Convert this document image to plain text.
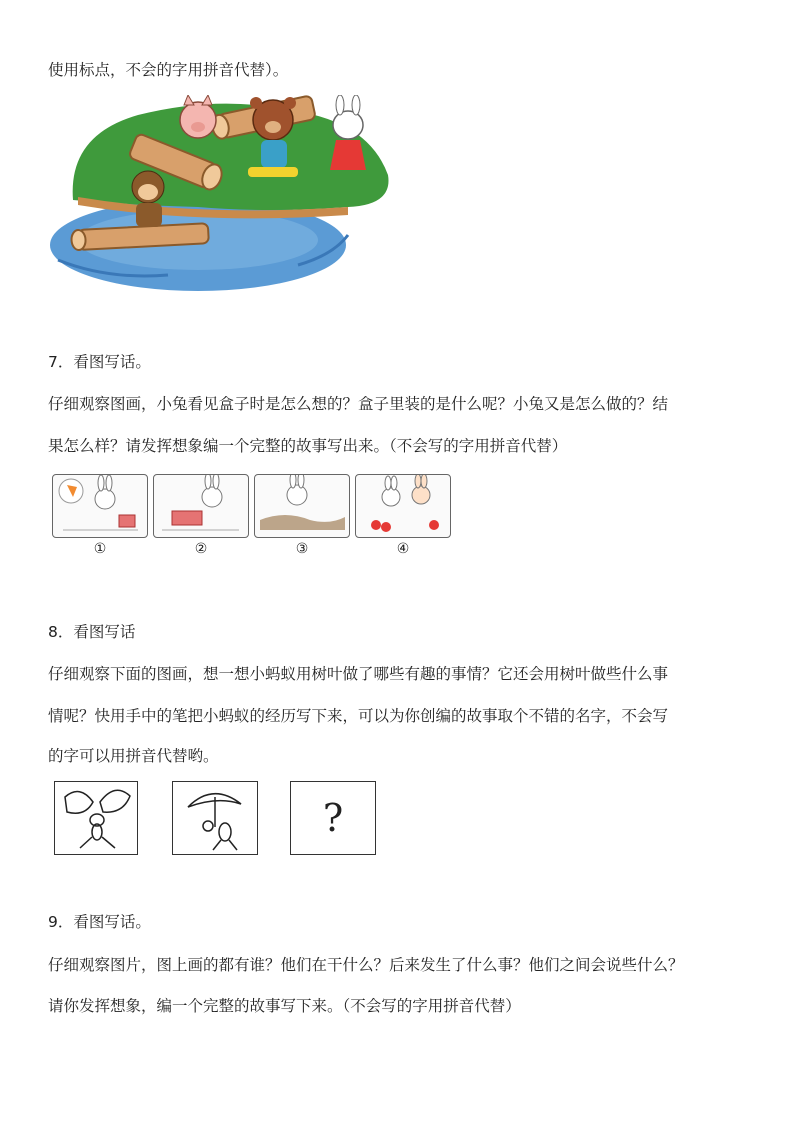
使用标点，不会的字用拼音代替）。
7．看图写话。
仔细观察图画，小兔看见盒子时是怎么想的？盒子里装的是什么呢？小兔又是怎么做的？结
果怎么样？请发挥想象编一个完整的故事写出来。（不会写的字用拼音代替）
①	②	③	④
8．看图写话
仔细观察下面的图画，想一想小蚂蚁用树叶做了哪些有趣的事情？它还会用树叶做些什么事
情呢？快用手中的笔把小蚂蚁的经历写下来，可以为你创编的故事取个不错的名字，不会写
的字可以用拼音代替哟。
?
9．看图写话。
仔细观察图片，图上画的都有谁？他们在干什么？后来发生了什么事？他们之间会说些什么？
请你发挥想象，编一个完整的故事写下来。（不会写的字用拼音代替）
